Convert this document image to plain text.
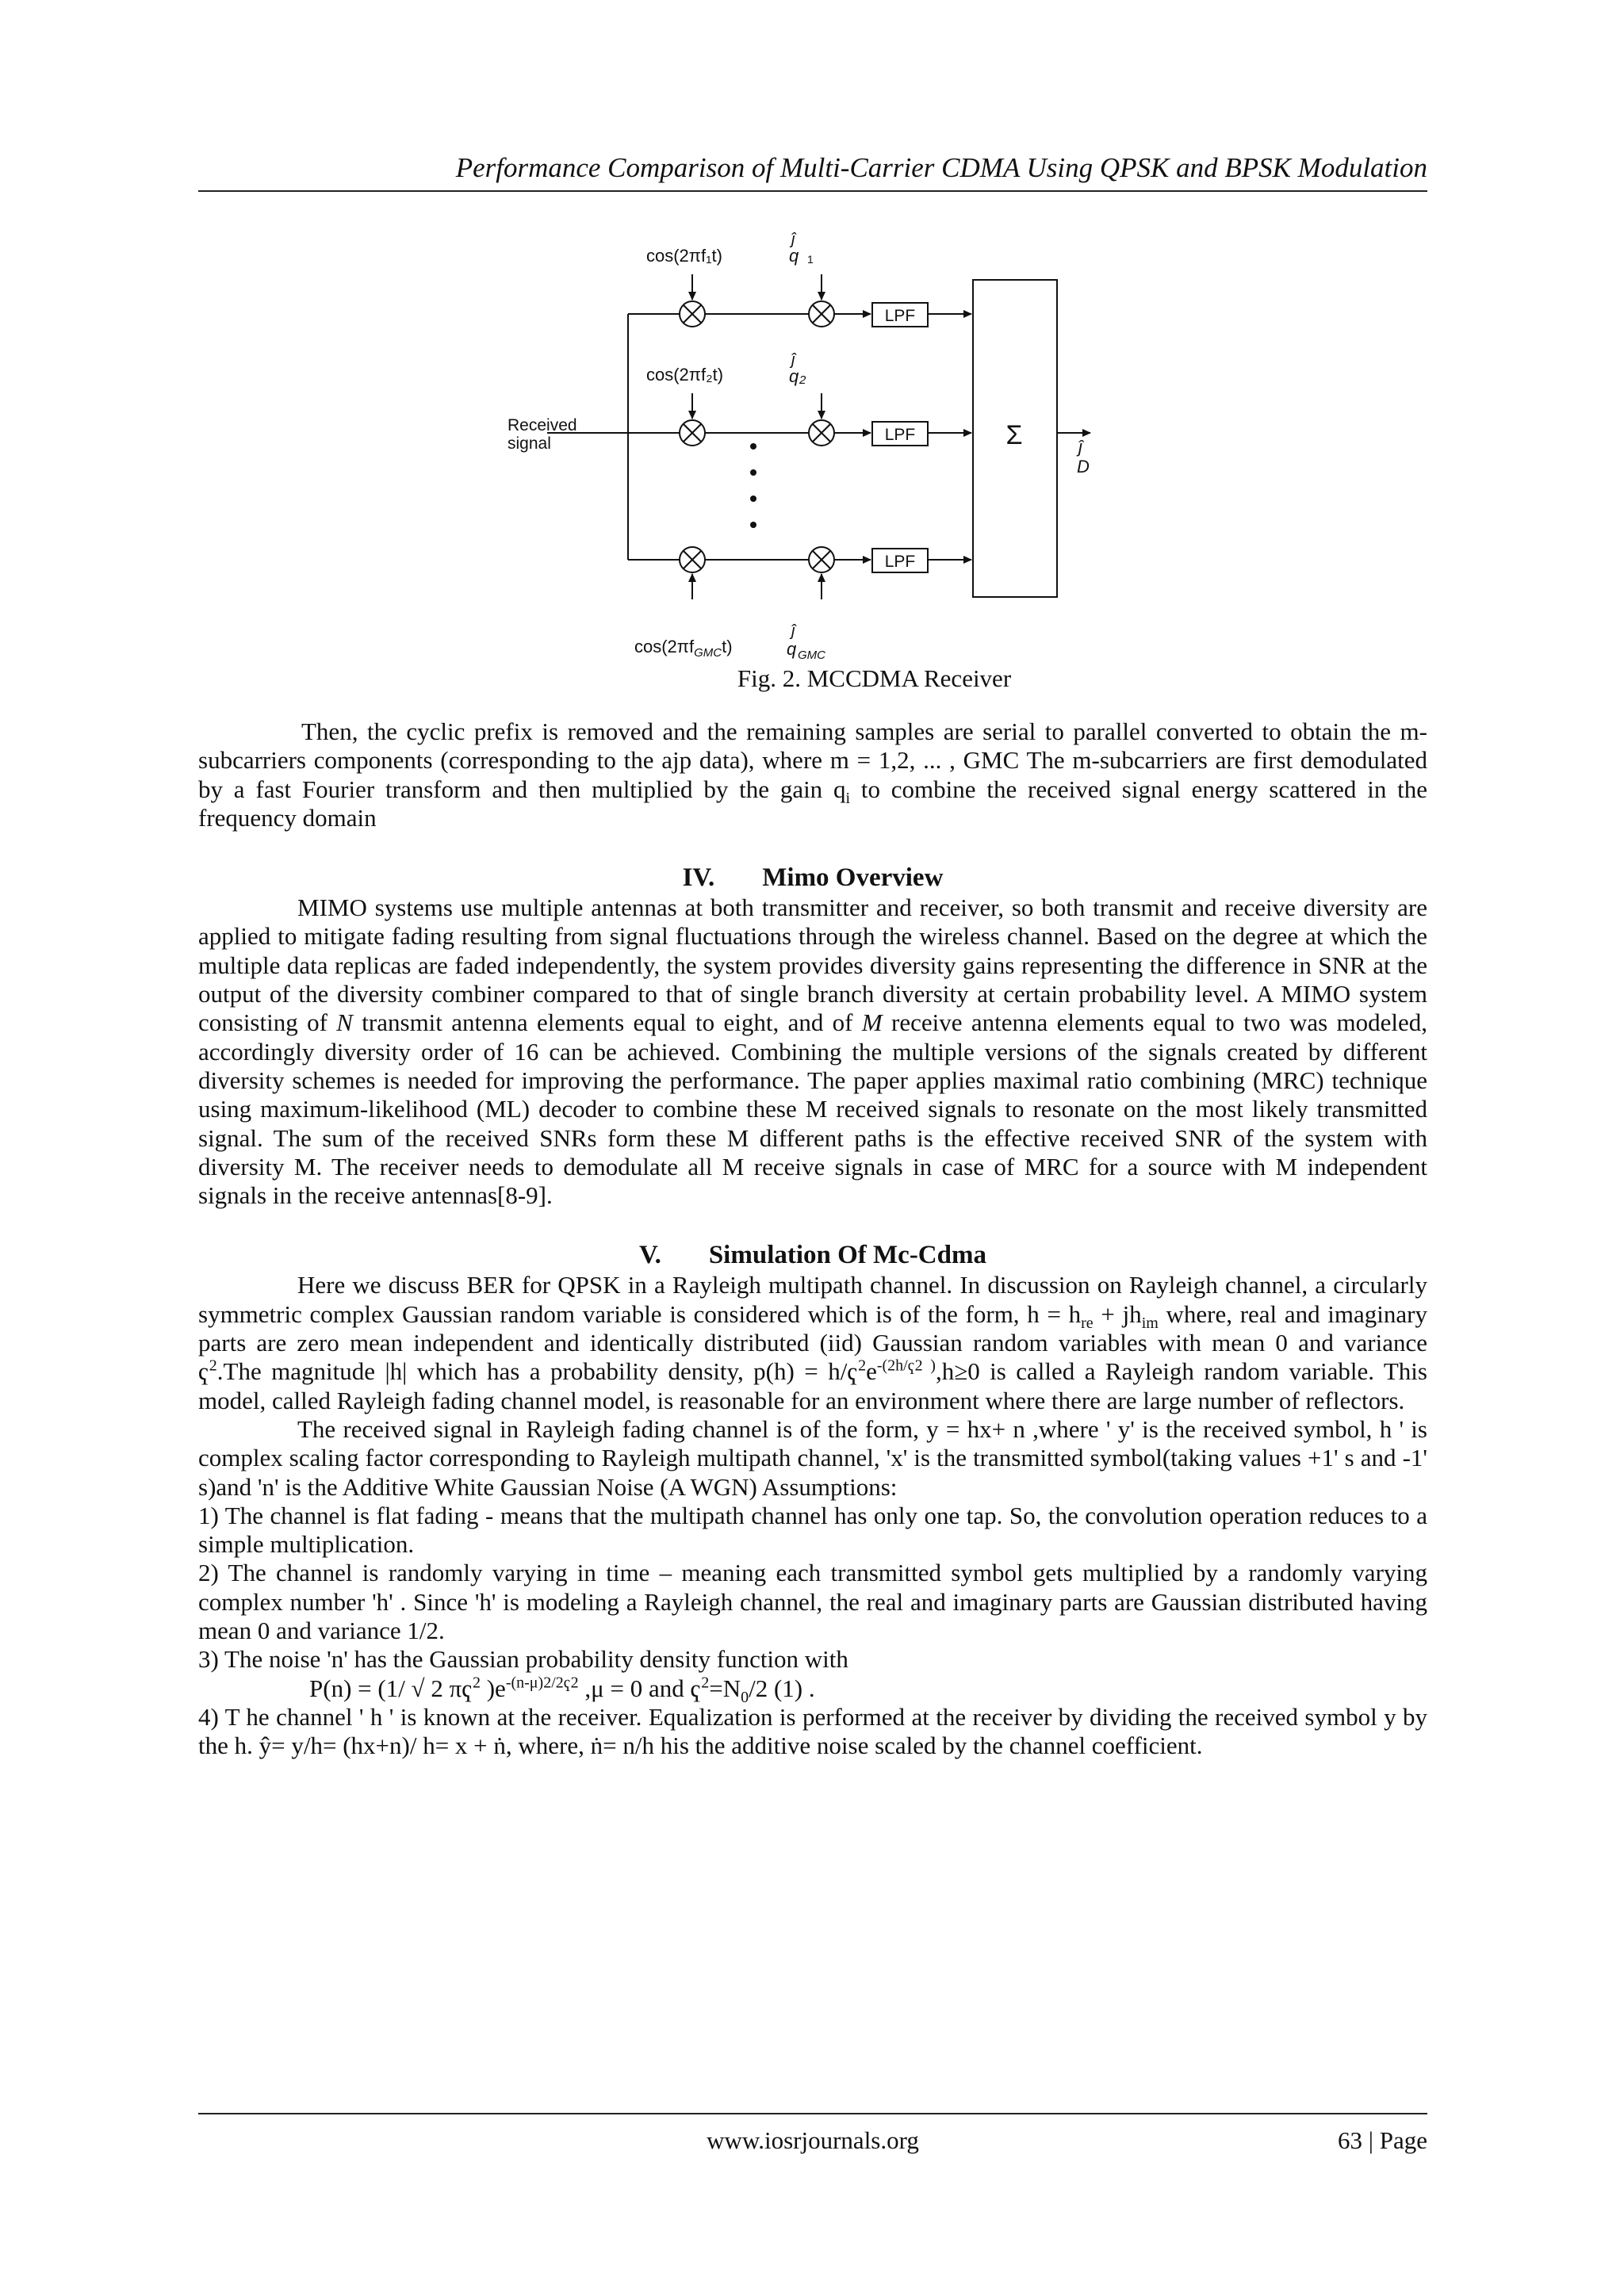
Performance Comparison of Multi-Carrier CDMA Using QPSK and BPSK Modulation
LPF
LPF
LPF
Σ	ĵ
D
cos(2πf₁t)
cos(2πf₂t)
ĵ
q 1
ĵ
q 2
Received
signal
$\cos(2\pi f_{GMC}t)$
ĵ
q GMC
Fig. 2. MCCDMA Receiver

Then, the cyclic prefix is removed and the remaining samples are serial to parallel converted to obtain the m-subcarriers components (corresponding to the ajp data), where m = 1,2, ... , GMC The m-subcarriers are first demodulated by a fast Fourier transform and then multiplied by the gain $q_i$ to combine the received signal energy scattered in the frequency domain

IV. Mimo Overview

MIMO systems use multiple antennas at both transmitter and receiver, so both transmit and receive diversity are applied to mitigate fading resulting from signal fluctuations through the wireless channel. Based on the degree at which the multiple data replicas are faded independently, the system provides diversity gains representing the difference in SNR at the output of the diversity combiner compared to that of single branch diversity at certain probability level. A MIMO system consisting of N transmit antenna elements equal to eight, and of M receive antenna elements equal to two was modeled, accordingly diversity order of 16 can be achieved. Combining the multiple versions of the signals created by different diversity schemes is needed for improving the performance. The paper applies maximal ratio combining (MRC) technique using maximum-likelihood (ML) decoder to combine these M received signals to resonate on the most likely transmitted signal. The sum of the received SNRs form these M different paths is the effective received SNR of the system with diversity M. The receiver needs to demodulate all M receive signals in case of MRC for a source with M independent signals in the receive antennas[8-9].

V. Simulation Of Mc-Cdma

Here we discuss BER for QPSK in a Rayleigh multipath channel. In discussion on Rayleigh channel, a circularly symmetric complex Gaussian random variable is considered which is of the form, $h = h_{re} + jh_{im}$ where, real and imaginary parts are zero mean independent and identically distributed (iid) Gaussian random variables with mean 0 and variance $ҁ^2.The$ magnitude |h| which has a probability density, $p(h) = h/ҁ^2e^{-(2h/ҁ2 )},h\ge 0$ is called a Rayleigh random variable. This model, called Rayleigh fading channel model, is reasonable for an environment where there are large number of reflectors.

The received signal in Rayleigh fading channel is of the form, y = hx+ n ,where ' y' is the received symbol, h ' is complex scaling factor corresponding to Rayleigh multipath channel, 'x' is the transmitted symbol(taking values +1' s and -1' s)and 'n' is the Additive White Gaussian Noise (A WGN) Assumptions:

1) The channel is flat fading - means that the multipath channel has only one tap. So, the convolution operation reduces to a simple multiplication.

2) The channel is randomly varying in time – meaning each transmitted symbol gets multiplied by a randomly varying complex number 'h' . Since 'h' is modeling a Rayleigh channel, the real and imaginary parts are Gaussian distributed having mean 0 and variance 1/2.

3) The noise 'n' has the Gaussian probability density function with

P(n) = (1/ √ 2 $\pi ҁ^2$ )$e^{-(n-\mu)2/2ҁ2}$ ,μ = 0 and $ҁ^2=N_0/2$ (1) .

4) T he channel ' h ' is known at the receiver. Equalization is performed at the receiver by dividing the received symbol y by the h. ŷ= y/h= (hx+n)/ h= x + ṅ, where, ṅ= n/h his the additive noise scaled by the channel coefficient.

www.iosrjournals.org	63 | Page
